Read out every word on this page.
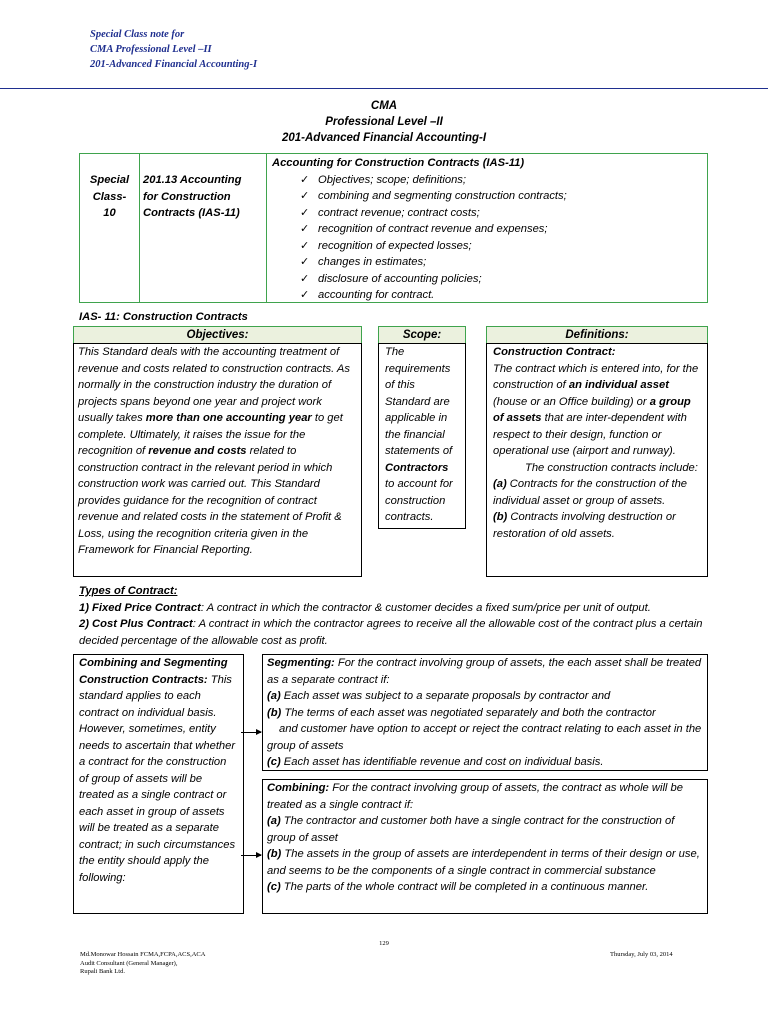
Special Class note for
CMA Professional Level –II
201-Advanced Financial Accounting-I
CMA
Professional Level –II
201-Advanced Financial Accounting-I
Special
Class-
10
201.13 Accounting
for Construction
Contracts (IAS-11)
Accounting for Construction Contracts (IAS-11)
✓ Objectives; scope; definitions;
✓ combining and segmenting construction contracts;
✓ contract revenue; contract costs;
✓ recognition of contract revenue and expenses;
✓ recognition of expected losses;
✓ changes in estimates;
✓ disclosure of accounting policies;
✓ accounting for contract.
IAS- 11: Construction Contracts
Objectives:
This Standard deals with the accounting treatment of revenue and costs related to construction contracts. As normally in the construction industry the duration of projects spans beyond one year and project work usually takes more than one accounting year to get complete. Ultimately, it raises the issue for the recognition of revenue and costs related to construction contract in the relevant period in which construction work was carried out. This Standard provides guidance for the recognition of contract revenue and related costs in the statement of Profit & Loss, using the recognition criteria given in the Framework for Financial Reporting.
Scope:
The requirements of this Standard are applicable in the financial statements of Contractors to account for construction contracts.
Definitions:
Construction Contract:
The contract which is entered into, for the construction of an individual asset (house or an Office building) or a group of assets that are inter-dependent with respect to their design, function or operational use (airport and runway).
The construction contracts include:
(a) Contracts for the construction of the individual asset or group of assets.
(b) Contracts involving destruction or restoration of old assets.
Types of Contract:
1) Fixed Price Contract: A contract in which the contractor & customer decides a fixed sum/price per unit of output.
2) Cost Plus Contract: A contract in which the contractor agrees to receive all the allowable cost of the contract plus a certain decided percentage of the allowable cost as profit.
Combining and Segmenting Construction Contracts: This standard applies to each contract on individual basis. However, sometimes, entity needs to ascertain that whether a contract for the construction of group of assets will be treated as a single contract or each asset in group of assets will be treated as a separate contract; in such circumstances the entity should apply the following:
Segmenting: For the contract involving group of assets, the each asset shall be treated as a separate contract if:
(a) Each asset was subject to a separate proposals by contractor and
(b) The terms of each asset was negotiated separately and both the contractor
and customer have option to accept or reject the contract relating to each asset in the group of assets
(c) Each asset has identifiable revenue and cost on individual basis.
Combining: For the contract involving group of assets, the contract as whole will be treated as a single contract if:
(a) The contractor and customer both have a single contract for the construction of group of asset
(b) The assets in the group of assets are interdependent in terms of their design or use, and seems to be the components of a single contract in commercial substance
(c) The parts of the whole contract will be completed in a continuous manner.
129
Md.Monowar Hossain FCMA,FCPA,ACS,ACA
Audit Consultant (General Manager),
Rupali Bank Ltd.
Thursday, July 03, 2014
